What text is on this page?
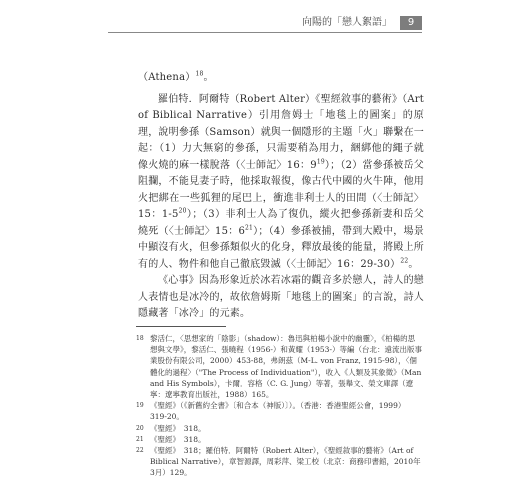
向陽的「戀人絮語」	9

（Athena）$^{18}$。

羅伯特．阿爾特（Robert Alter）《聖經敘事的藝術》（Art of Biblical Narrative）引用詹姆士「地毯上的圖案」的原理，說明參孫（Samson）就與一個隱形的主題「火」聯繫在一起：（1）力大無窮的參孫，只需要稍為用力，綑綁他的繩子就像火燒的麻一樣脫落（〈士師記〉16：$9^{19}$）；（2）當參孫被岳父阻攔，不能見妻子時，他採取報復，像古代中國的火牛陣，他用火把綁在一些狐狸的尾巴上，衝進非利士人的田間（〈士師記〉15：$1-5^{20}$）；（3）非利士人為了復仇，縱火把參孫新妻和岳父燒死（〈士師記〉15：$6^{21}$）；（4）參孫被捕，帶到大殿中，場景中顯沒有火，但參孫類似火的化身，釋放最後的能量，將殿上所有的人、物件和他自己徹底毀滅（〈士師記〉16：29-30）$^{22}$。

《心事》因為形象近於冰若冰霜的觀音多於戀人，詩人的戀人表情也是冰冷的，故依詹姆斯「地毯上的圖案」的言說，詩人隱藏著「冰冷」的元素。

18 黎活仁，〈思想家的「陰影」（shadow）：魯迅與柏楊小說中的幽靈〉，《柏楊的思想與文學》，黎活仁、張曉程（1956-）和黃耀（1953-）等編（台北：遠流出版事業股份有限公司，2000）453-88，弗朗茲（M-L. von Franz, 1915-98），〈個體化的過程〉（"The Process of Individuation"），收入《人類及其象徵》（Man and His Symbols），卡爾．容格（C. G. Jung）等著，張舉文、榮文庫譯（遼寧：遼寧教育出版社，1988）165。
19 《聖經》（《新舊約全書》〔和合本（神版）〕）。（香港：香港聖經公會，1999）319-20。
20 《聖經》　318。
21 《聖經》　318。
22 《聖經》　318；羅伯特．阿爾特（Robert Alter），《聖經敘事的藝術》（Art of Biblical Narrative），章智源譯，周彩萍、梁工校（北京：商務印書館，2010年3月）129。
